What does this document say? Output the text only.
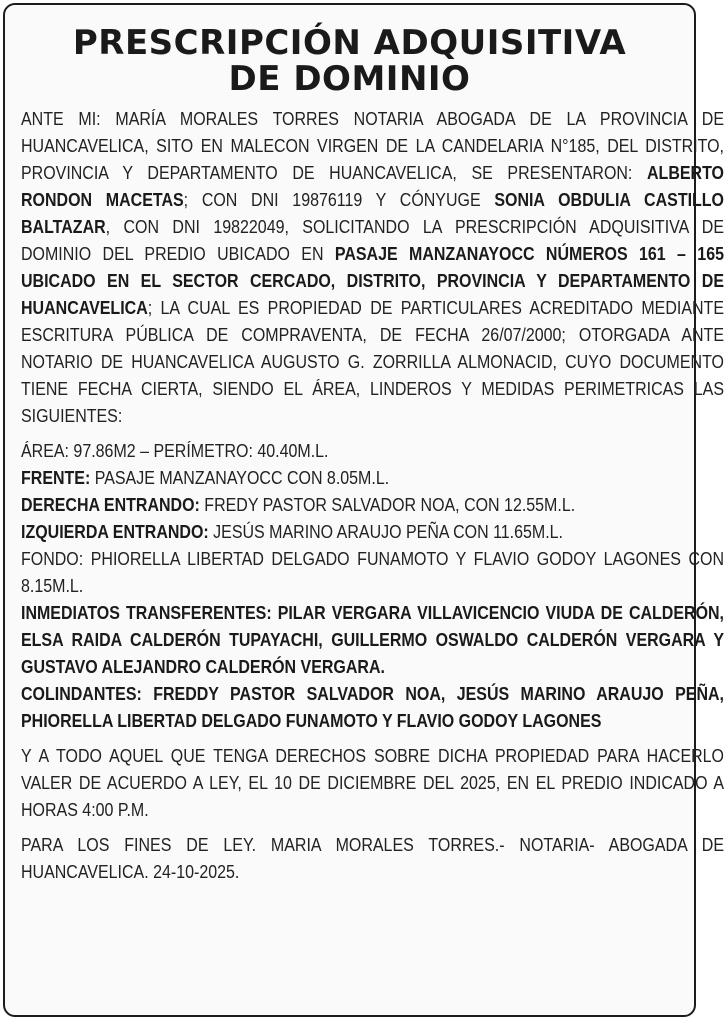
PRESCRIPCIÓN ADQUISITIVA
DE DOMINIO

ANTE MI: MARÍA MORALES TORRES NOTARIA ABOGADA DE LA PROVINCIA DE HUANCAVELICA, SITO EN MALECON VIRGEN DE LA CANDELARIA N°185, DEL DISTRITO, PROVINCIA Y DEPARTAMENTO DE HUANCAVELICA, SE PRESENTARON: ALBERTO RONDON MACETAS; CON DNI 19876119 Y CÓNYUGE SONIA OBDULIA CASTILLO BALTAZAR, CON DNI 19822049, SOLICITANDO LA PRESCRIPCIÓN ADQUISITIVA DE DOMINIO DEL PREDIO UBICADO EN PASAJE MANZANAYOCC NÚMEROS 161 – 165 UBICADO EN EL SECTOR CERCADO, DISTRITO, PROVINCIA Y DEPARTAMENTO DE HUANCAVELICA; LA CUAL ES PROPIEDAD DE PARTICULARES ACREDITADO MEDIANTE ESCRITURA PÚBLICA DE COMPRAVENTA, DE FECHA 26/07/2000; OTORGADA ANTE NOTARIO DE HUANCAVELICA AUGUSTO G. ZORRILLA ALMONACID, CUYO DOCUMENTO TIENE FECHA CIERTA, SIENDO EL ÁREA, LINDEROS Y MEDIDAS PERIMETRICAS LAS SIGUIENTES:

ÁREA: 97.86M2 – PERÍMETRO: 40.40M.L.
FRENTE: PASAJE MANZANAYOCC CON 8.05M.L.
DERECHA ENTRANDO: FREDY PASTOR SALVADOR NOA, CON 12.55M.L.
IZQUIERDA ENTRANDO: JESÚS MARINO ARAUJO PEÑA CON 11.65M.L.
FONDO: PHIORELLA LIBERTAD DELGADO FUNAMOTO Y FLAVIO GODOY LAGONES CON 8.15M.L.
INMEDIATOS TRANSFERENTES: PILAR VERGARA VILLAVICENCIO VIUDA DE CALDERÓN, ELSA RAIDA CALDERÓN TUPAYACHI, GUILLERMO OSWALDO CALDERÓN VERGARA Y GUSTAVO ALEJANDRO CALDERÓN VERGARA.
COLINDANTES: FREDDY PASTOR SALVADOR NOA, JESÚS MARINO ARAUJO PEÑA, PHIORELLA LIBERTAD DELGADO FUNAMOTO Y FLAVIO GODOY LAGONES

Y A TODO AQUEL QUE TENGA DERECHOS SOBRE DICHA PROPIEDAD PARA HACERLO VALER DE ACUERDO A LEY, EL 10 DE DICIEMBRE DEL 2025, EN EL PREDIO INDICADO A HORAS 4:00 P.M.

PARA LOS FINES DE LEY. MARIA MORALES TORRES.- NOTARIA- ABOGADA DE HUANCAVELICA. 24-10-2025.
